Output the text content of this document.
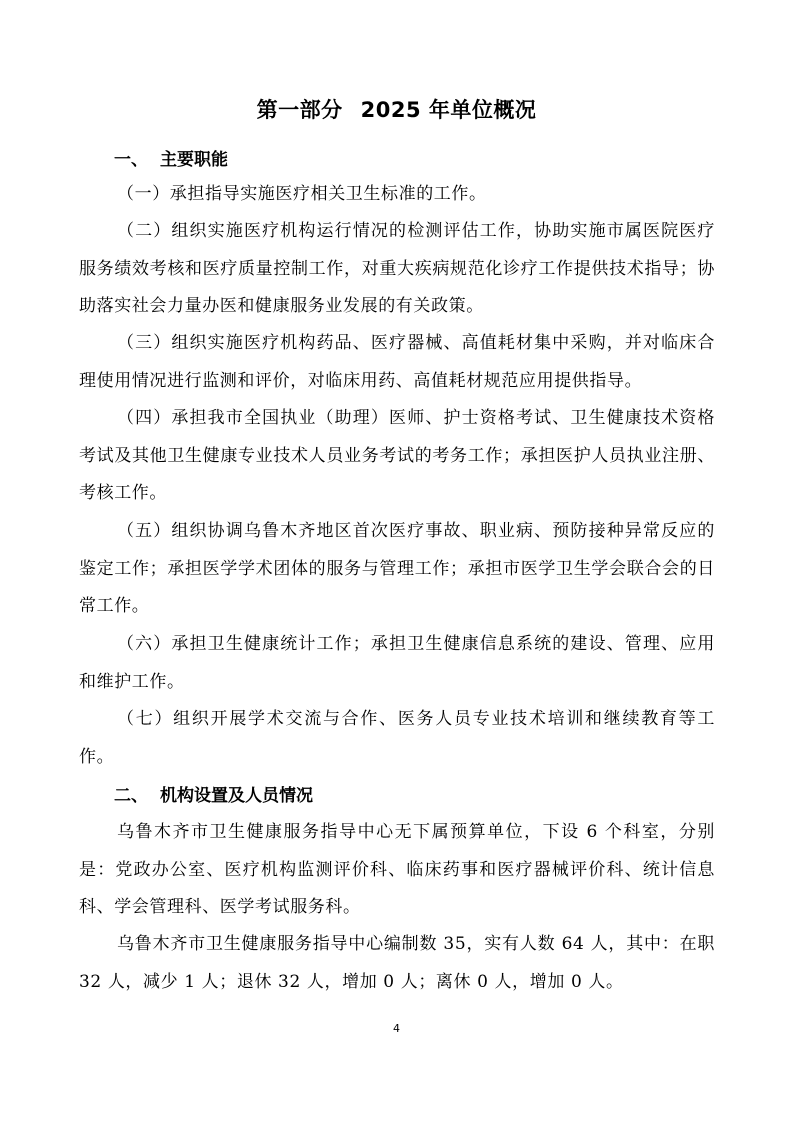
第一部分 2025 年单位概况
一、 主要职能
（一）承担指导实施医疗相关卫生标准的工作。
（二）组织实施医疗机构运行情况的检测评估工作，协助实施市属医院医疗服务绩效考核和医疗质量控制工作，对重大疾病规范化诊疗工作提供技术指导；协助落实社会力量办医和健康服务业发展的有关政策。
（三）组织实施医疗机构药品、医疗器械、高值耗材集中采购，并对临床合理使用情况进行监测和评价，对临床用药、高值耗材规范应用提供指导。
（四）承担我市全国执业（助理）医师、护士资格考试、卫生健康技术资格考试及其他卫生健康专业技术人员业务考试的考务工作；承担医护人员执业注册、考核工作。
（五）组织协调乌鲁木齐地区首次医疗事故、职业病、预防接种异常反应的鉴定工作；承担医学学术团体的服务与管理工作；承担市医学卫生学会联合会的日常工作。
（六）承担卫生健康统计工作；承担卫生健康信息系统的建设、管理、应用和维护工作。
（七）组织开展学术交流与合作、医务人员专业技术培训和继续教育等工作。
二、 机构设置及人员情况
乌鲁木齐市卫生健康服务指导中心无下属预算单位，下设 6 个科室，分别是：党政办公室、医疗机构监测评价科、临床药事和医疗器械评价科、统计信息科、学会管理科、医学考试服务科。
乌鲁木齐市卫生健康服务指导中心编制数 35，实有人数 64 人，其中：在职 32 人，减少 1 人；退休 32 人，增加 0 人；离休 0 人，增加 0 人。
4
